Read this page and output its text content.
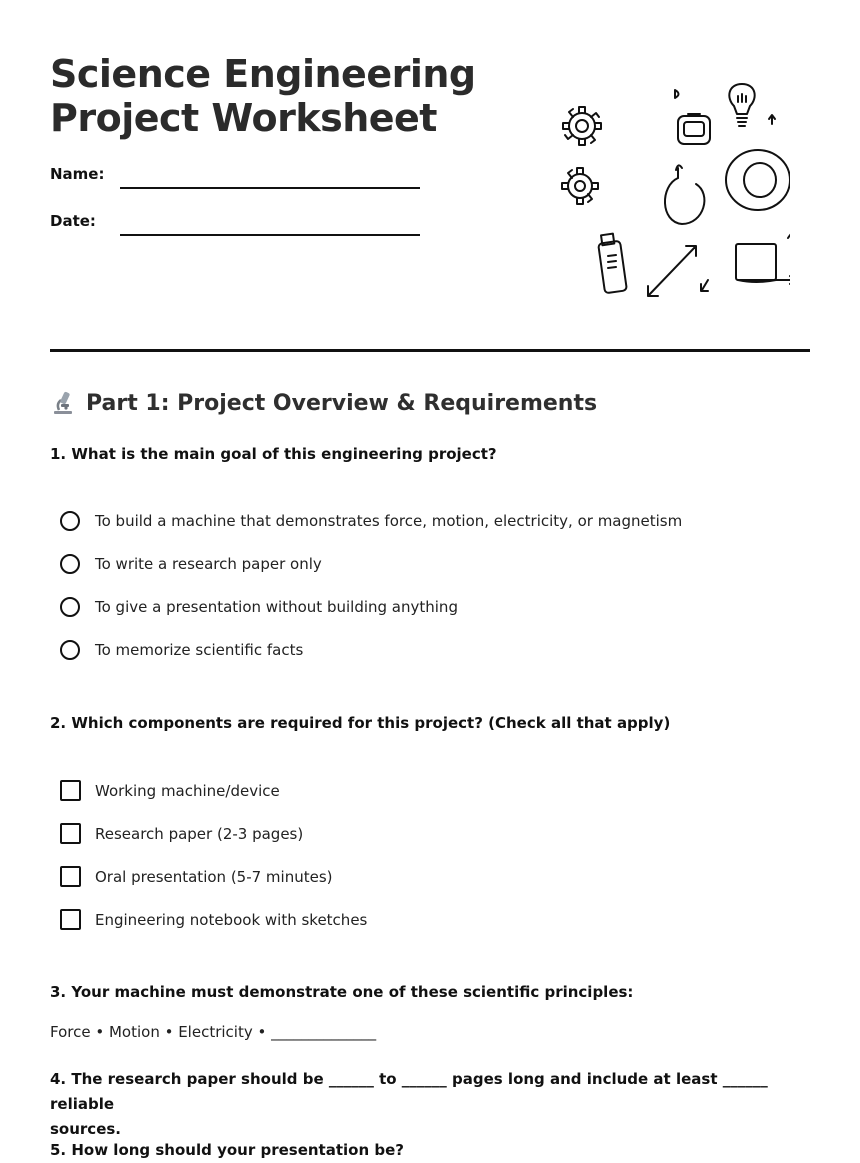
Science Engineering
Project Worksheet
Name:
Date:
Part 1: Project Overview & Requirements
1. What is the main goal of this engineering project?
To build a machine that demonstrates force, motion, electricity, or magnetism
To write a research paper only
To give a presentation without building anything
To memorize scientific facts
2. Which components are required for this project? (Check all that apply)
Working machine/device
Research paper (2-3 pages)
Oral presentation (5-7 minutes)
Engineering notebook with sketches
3. Your machine must demonstrate one of these scientific principles:
Force • Motion • Electricity • ______________
4. The research paper should be ______ to ______ pages long and include at least ______ reliable
sources.
5. How long should your presentation be?
